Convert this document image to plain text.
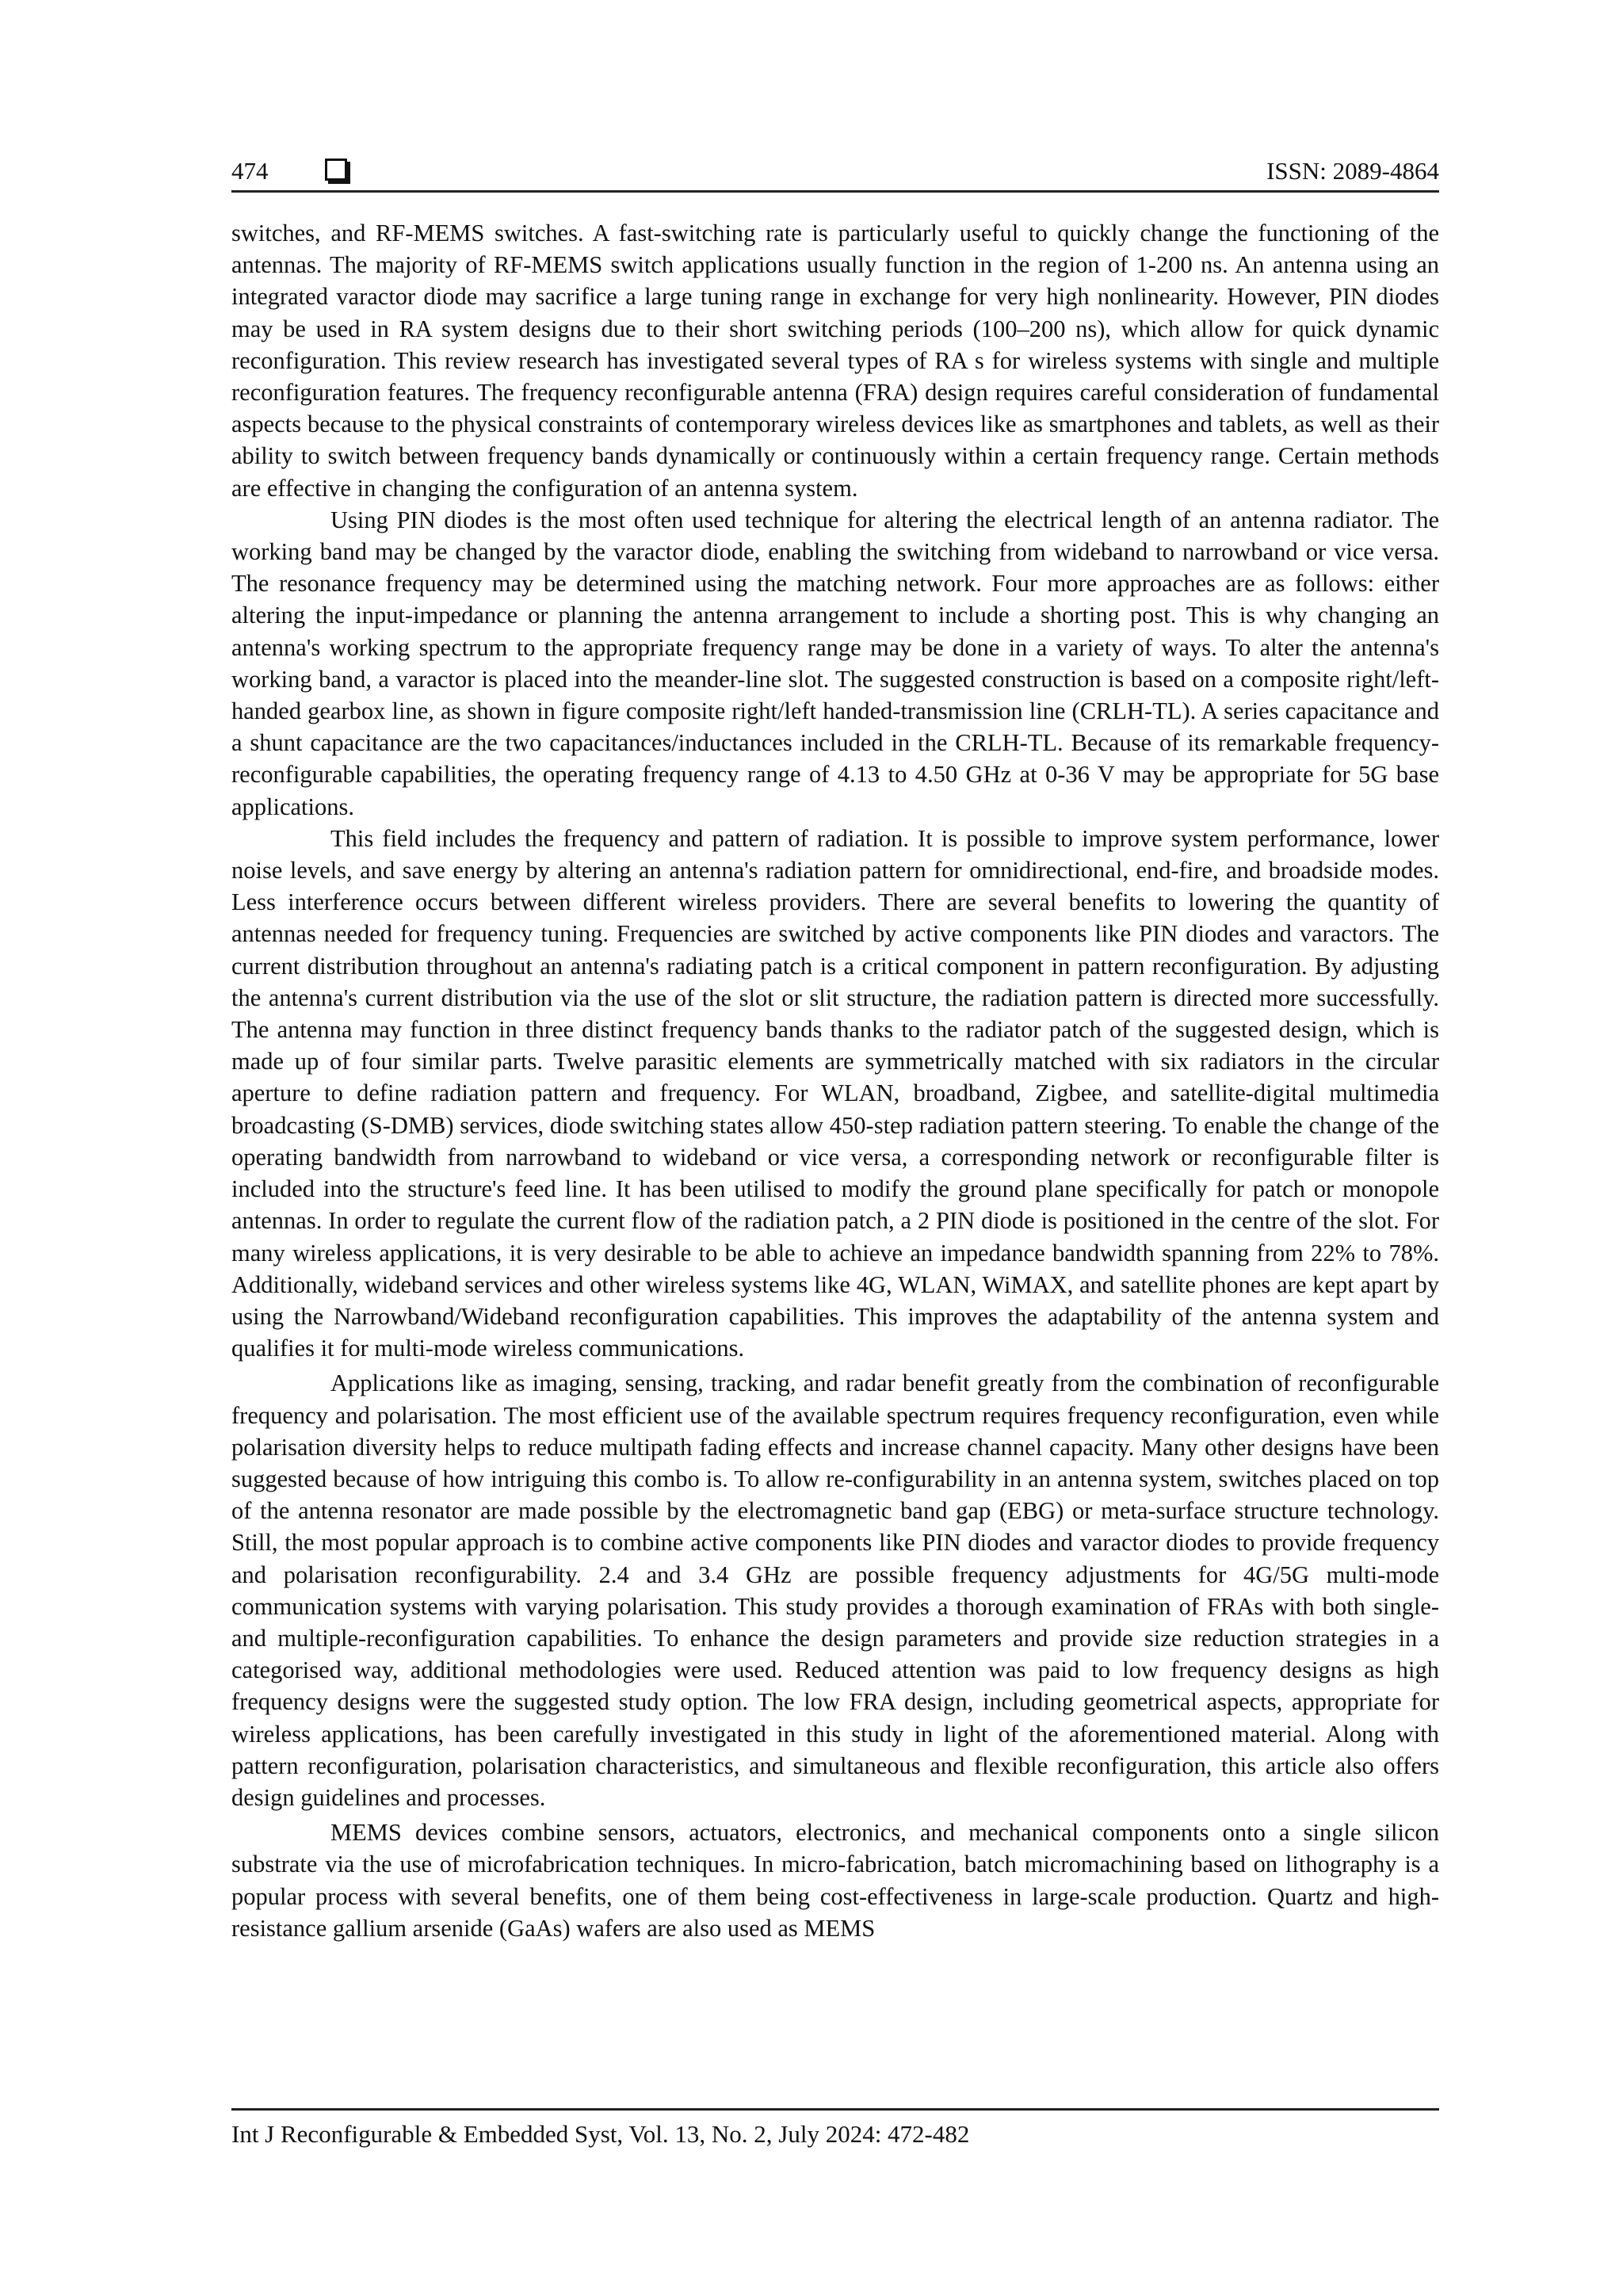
474	ISSN: 2089-4864

switches, and RF-MEMS switches. A fast-switching rate is particularly useful to quickly change the functioning of the antennas. The majority of RF-MEMS switch applications usually function in the region of 1-200 ns. An antenna using an integrated varactor diode may sacrifice a large tuning range in exchange for very high nonlinearity. However, PIN diodes may be used in RA system designs due to their short switching periods (100–200 ns), which allow for quick dynamic reconfiguration. This review research has investigated several types of RA s for wireless systems with single and multiple reconfiguration features. The frequency reconfigurable antenna (FRA) design requires careful consideration of fundamental aspects because to the physical constraints of contemporary wireless devices like as smartphones and tablets, as well as their ability to switch between frequency bands dynamically or continuously within a certain frequency range. Certain methods are effective in changing the configuration of an antenna system.

Using PIN diodes is the most often used technique for altering the electrical length of an antenna radiator. The working band may be changed by the varactor diode, enabling the switching from wideband to narrowband or vice versa. The resonance frequency may be determined using the matching network. Four more approaches are as follows: either altering the input-impedance or planning the antenna arrangement to include a shorting post. This is why changing an antenna's working spectrum to the appropriate frequency range may be done in a variety of ways. To alter the antenna's working band, a varactor is placed into the meander-line slot. The suggested construction is based on a composite right/left-handed gearbox line, as shown in figure composite right/left handed-transmission line (CRLH-TL). A series capacitance and a shunt capacitance are the two capacitances/inductances included in the CRLH-TL. Because of its remarkable frequency-reconfigurable capabilities, the operating frequency range of 4.13 to 4.50 GHz at 0-36 V may be appropriate for 5G base applications.

This field includes the frequency and pattern of radiation. It is possible to improve system performance, lower noise levels, and save energy by altering an antenna's radiation pattern for omnidirectional, end-fire, and broadside modes. Less interference occurs between different wireless providers. There are several benefits to lowering the quantity of antennas needed for frequency tuning. Frequencies are switched by active components like PIN diodes and varactors. The current distribution throughout an antenna's radiating patch is a critical component in pattern reconfiguration. By adjusting the antenna's current distribution via the use of the slot or slit structure, the radiation pattern is directed more successfully. The antenna may function in three distinct frequency bands thanks to the radiator patch of the suggested design, which is made up of four similar parts. Twelve parasitic elements are symmetrically matched with six radiators in the circular aperture to define radiation pattern and frequency. For WLAN, broadband, Zigbee, and satellite-digital multimedia broadcasting (S-DMB) services, diode switching states allow 450-step radiation pattern steering. To enable the change of the operating bandwidth from narrowband to wideband or vice versa, a corresponding network or reconfigurable filter is included into the structure's feed line. It has been utilised to modify the ground plane specifically for patch or monopole antennas. In order to regulate the current flow of the radiation patch, a 2 PIN diode is positioned in the centre of the slot. For many wireless applications, it is very desirable to be able to achieve an impedance bandwidth spanning from 22% to 78%. Additionally, wideband services and other wireless systems like 4G, WLAN, WiMAX, and satellite phones are kept apart by using the Narrowband/Wideband reconfiguration capabilities. This improves the adaptability of the antenna system and qualifies it for multi-mode wireless communications.

Applications like as imaging, sensing, tracking, and radar benefit greatly from the combination of reconfigurable frequency and polarisation. The most efficient use of the available spectrum requires frequency reconfiguration, even while polarisation diversity helps to reduce multipath fading effects and increase channel capacity. Many other designs have been suggested because of how intriguing this combo is. To allow re-configurability in an antenna system, switches placed on top of the antenna resonator are made possible by the electromagnetic band gap (EBG) or meta-surface structure technology. Still, the most popular approach is to combine active components like PIN diodes and varactor diodes to provide frequency and polarisation reconfigurability. 2.4 and 3.4 GHz are possible frequency adjustments for 4G/5G multi-mode communication systems with varying polarisation. This study provides a thorough examination of FRAs with both single- and multiple-reconfiguration capabilities. To enhance the design parameters and provide size reduction strategies in a categorised way, additional methodologies were used. Reduced attention was paid to low frequency designs as high frequency designs were the suggested study option. The low FRA design, including geometrical aspects, appropriate for wireless applications, has been carefully investigated in this study in light of the aforementioned material. Along with pattern reconfiguration, polarisation characteristics, and simultaneous and flexible reconfiguration, this article also offers design guidelines and processes.

MEMS devices combine sensors, actuators, electronics, and mechanical components onto a single silicon substrate via the use of microfabrication techniques. In micro-fabrication, batch micromachining based on lithography is a popular process with several benefits, one of them being cost-effectiveness in large-scale production. Quartz and high-resistance gallium arsenide (GaAs) wafers are also used as MEMS

Int J Reconfigurable & Embedded Syst, Vol. 13, No. 2, July 2024: 472-482
